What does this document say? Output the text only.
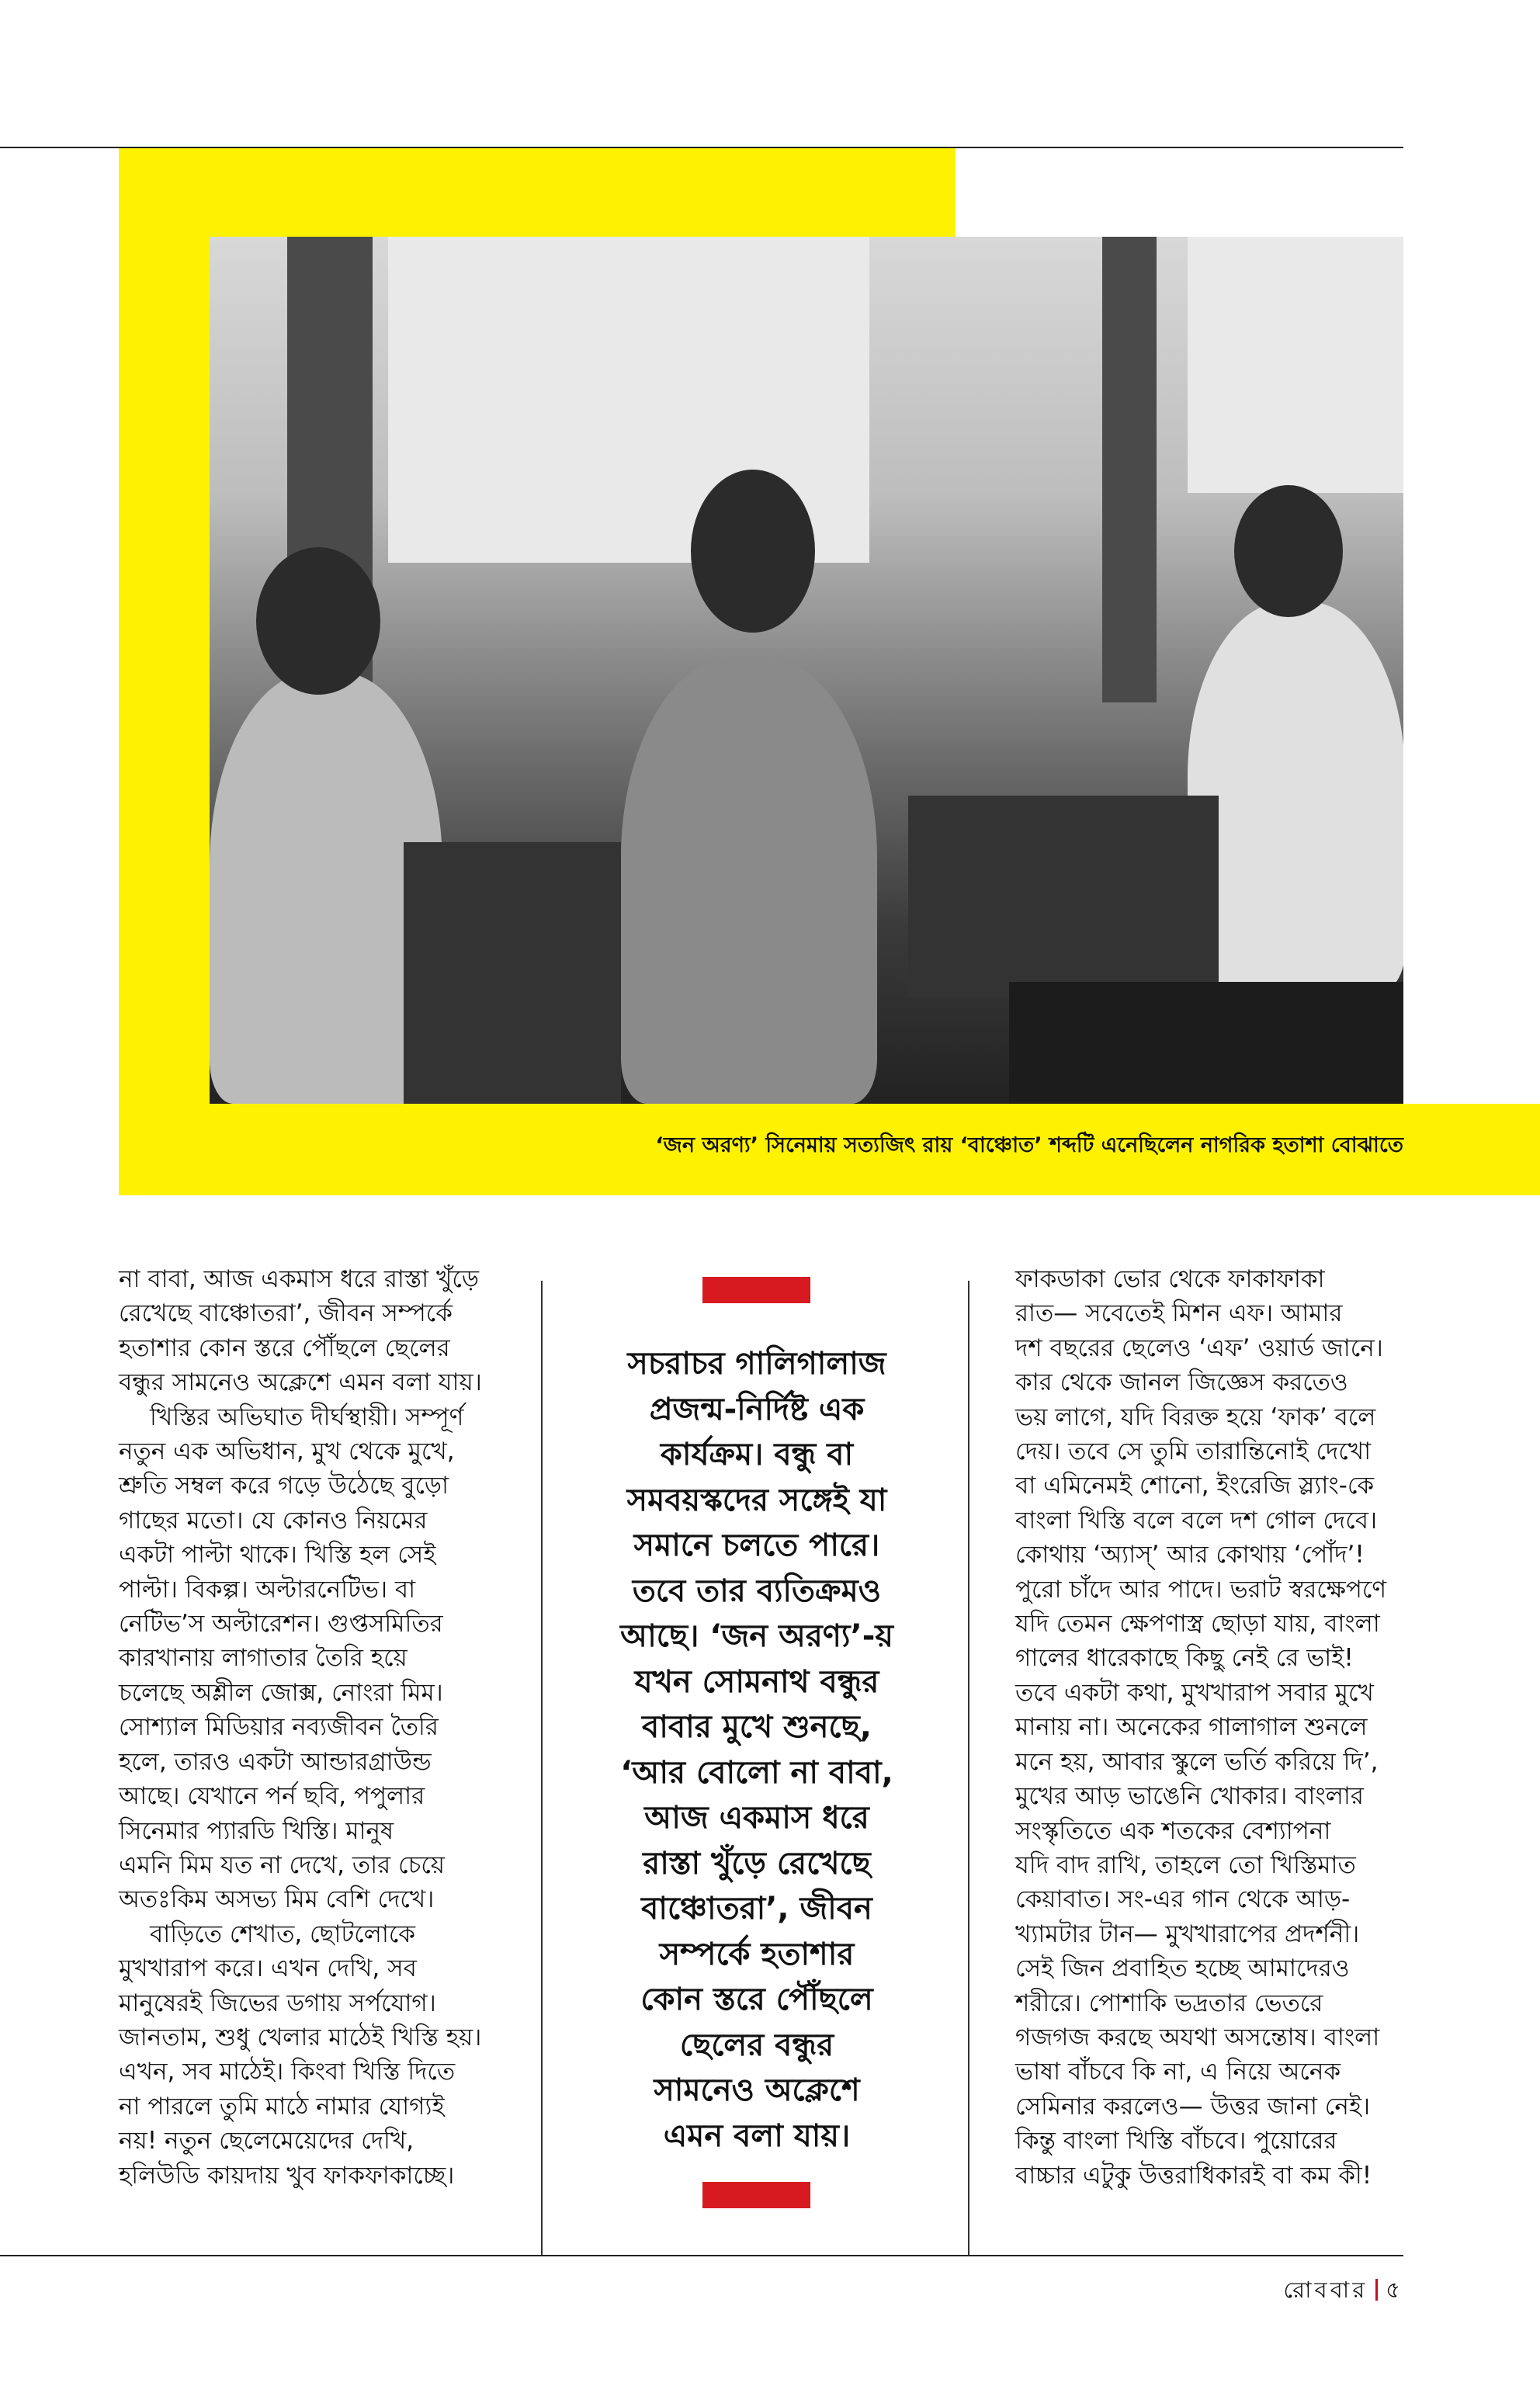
‘জন অরণ্য’ সিনেমায় সত্যজিৎ রায় ‘বাঞ্চোত’ শব্দটি এনেছিলেন নাগরিক হতাশা বোঝাতে

না বাবা, আজ একমাস ধরে রাস্তা খুঁড়ে

রেখেছে বাঞ্চোতরা’, জীবন সম্পর্কে

হতাশার কোন স্তরে পৌঁছলে ছেলের

বন্ধুর সামনেও অক্লেশে এমন বলা যায়।

খিস্তির অভিঘাত দীর্ঘস্থায়ী। সম্পূর্ণ

নতুন এক অভিধান, মুখ থেকে মুখে,

শ্রুতি সম্বল করে গড়ে উঠেছে বুড়ো

গাছের মতো। যে কোনও নিয়মের

একটা পাল্টা থাকে। খিস্তি হল সেই

পাল্টা। বিকল্প। অল্টারনেটিভ। বা

নেটিভ’স অল্টারেশন। গুপ্তসমিতির

কারখানায় লাগাতার তৈরি হয়ে

চলেছে অশ্লীল জোক্স, নোংরা মিম।

সোশ্যাল মিডিয়ার নব্যজীবন তৈরি

হলে, তারও একটা আন্ডারগ্রাউন্ড

আছে। যেখানে পর্ন ছবি, পপুলার

সিনেমার প্যারডি খিস্তি। মানুষ

এমনি মিম যত না দেখে, তার চেয়ে

অতঃকিম অসভ্য মিম বেশি দেখে।

বাড়িতে শেখাত, ছোটলোকে

মুখখারাপ করে। এখন দেখি, সব

মানুষেরই জিভের ডগায় সর্পযোগ।

জানতাম, শুধু খেলার মাঠেই খিস্তি হয়।

এখন, সব মাঠেই। কিংবা খিস্তি দিতে

না পারলে তুমি মাঠে নামার যোগ্যই

নয়! নতুন ছেলেমেয়েদের দেখি,

হলিউডি কায়দায় খুব ফাকফাকাচ্ছে।

সচরাচর গালিগালাজ

প্রজন্ম-নির্দিষ্ট এক

কার্যক্রম। বন্ধু বা

সমবয়স্কদের সঙ্গেই যা

সমানে চলতে পারে।

তবে তার ব্যতিক্রমও

আছে। ‘জন অরণ্য’-য়

যখন সোমনাথ বন্ধুর

বাবার মুখে শুনছে,

‘আর বোলো না বাবা,

আজ একমাস ধরে

রাস্তা খুঁড়ে রেখেছে

বাঞ্চোতরা’, জীবন

সম্পর্কে হতাশার

কোন স্তরে পৌঁছলে

ছেলের বন্ধুর

সামনেও অক্লেশে

এমন বলা যায়।

ফাকডাকা ভোর থেকে ফাকাফাকা

রাত— সবেতেই মিশন এফ। আমার

দশ বছরের ছেলেও ‘এফ’ ওয়ার্ড জানে।

কার থেকে জানল জিজ্ঞেস করতেও

ভয় লাগে, যদি বিরক্ত হয়ে ‘ফাক’ বলে

দেয়। তবে সে তুমি তারান্তিনোই দেখো

বা এমিনেমই শোনো, ইংরেজি স্ল্যাং-কে

বাংলা খিস্তি বলে বলে দশ গোল দেবে।

কোথায় ‘অ্যাস্’ আর কোথায় ‘পোঁদ’!

পুরো চাঁদে আর পাদে। ভরাট স্বরক্ষেপণে

যদি তেমন ক্ষেপণাস্ত্র ছোড়া যায়, বাংলা

গালের ধারেকাছে কিছু নেই রে ভাই!

তবে একটা কথা, মুখখারাপ সবার মুখে

মানায় না। অনেকের গালাগাল শুনলে

মনে হয়, আবার স্কুলে ভর্তি করিয়ে দি’,

মুখের আড় ভাঙেনি খোকার। বাংলার

সংস্কৃতিতে এক শতকের বেশ্যাপনা

যদি বাদ রাখি, তাহলে তো খিস্তিমাত

কেয়াবাত। সং-এর গান থেকে আড়-

খ্যামটার টান— মুখখারাপের প্রদর্শনী।

সেই জিন প্রবাহিত হচ্ছে আমাদেরও

শরীরে। পোশাকি ভদ্রতার ভেতরে

গজগজ করছে অযথা অসন্তোষ। বাংলা

ভাষা বাঁচবে কি না, এ নিয়ে অনেক

সেমিনার করলেও— উত্তর জানা নেই।

কিন্তু বাংলা খিস্তি বাঁচবে। পুয়োরের

বাচ্চার এটুকু উত্তরাধিকারই বা কম কী!

রোববার ৫
